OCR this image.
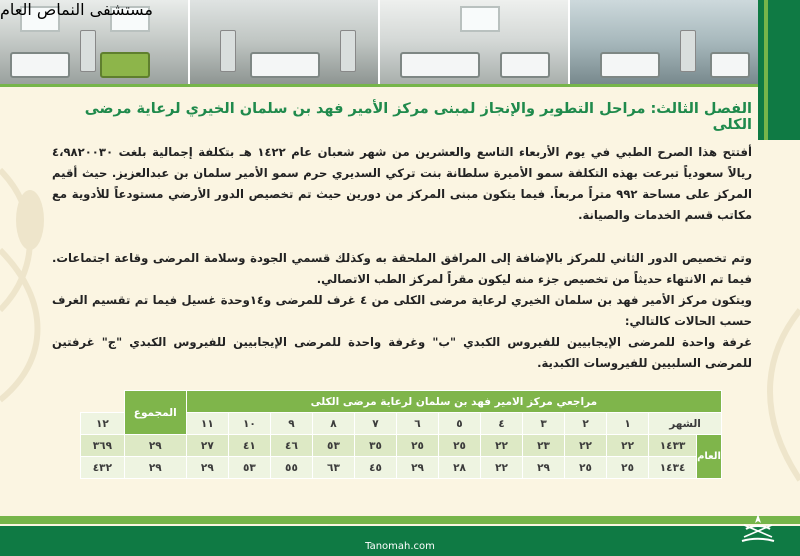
الفصل الثالث: مراحل التطوير والإنجاز لمبنى مركز الأمير فهد بن سلمان الخيري لرعاية مرضى الكلى

أفتتح هذا الصرح الطبي في يوم الأربعاء التاسع والعشرين من شهر شعبان عام ١٤٢٢ هـ بتكلفة إجمالية بلغت ٤،٩٨٢٠٠٣٠ ريالاً سعودياً تبرعت بهذه التكلفة سمو الأميرة سلطانة بنت تركي السديري حرم سمو الأمير سلمان بن عبدالعزيز. حيث أقيم المركز على مساحة ٩٩٢ متراً مربعاً. فيما يتكون مبنى المركز من دورين حيث تم تخصيص الدور الأرضي مستودعاً للأدوية مع مكاتب قسم الخدمات والصيانة.

وتم تخصيص الدور الثاني للمركز بالإضافة إلى المرافق الملحقة به وكذلك قسمي الجودة وسلامة المرضى وقاعة اجتماعات. فيما تم الانتهاء حديثاً من تخصيص جزء منه ليكون مقراً لمركز الطب الاتصالي.

ويتكون مركز الأمير فهد بن سلمان الخيري لرعاية مرضى الكلى من ٤ غرف للمرضى و١٤وحدة غسيل فيما تم تقسيم الغرف حسب الحالات كالتالي:

غرفة واحدة للمرضى الإيجابيين للفيروس الكبدي "ب" وغرفة واحدة للمرضى الإيجابيين للفيروس الكبدي "ج" غرفتين للمرضى السلبيين للفيروسات الكبدية.

مراجعي مركز الامير فهد بن سلمان لرعاية مرضى الكلى													المجموع	
الشهر		١	٢	٣	٤	٥	٦	٧	٨	٩	١٠	١١		١٢
العام	١٤٣٣	٢٢	٢٢	٢٣	٢٢	٢٥	٢٥	٣٥	٥٣	٤٦	٤١	٢٧	٢٩	٣٦٩
	١٤٣٤	٢٥	٢٥	٢٩	٢٢	٢٨	٢٩	٤٥	٦٣	٥٥	٥٣	٢٩	٢٩	٤٣٢
مستشفى النماص العام
Tanomah.com
